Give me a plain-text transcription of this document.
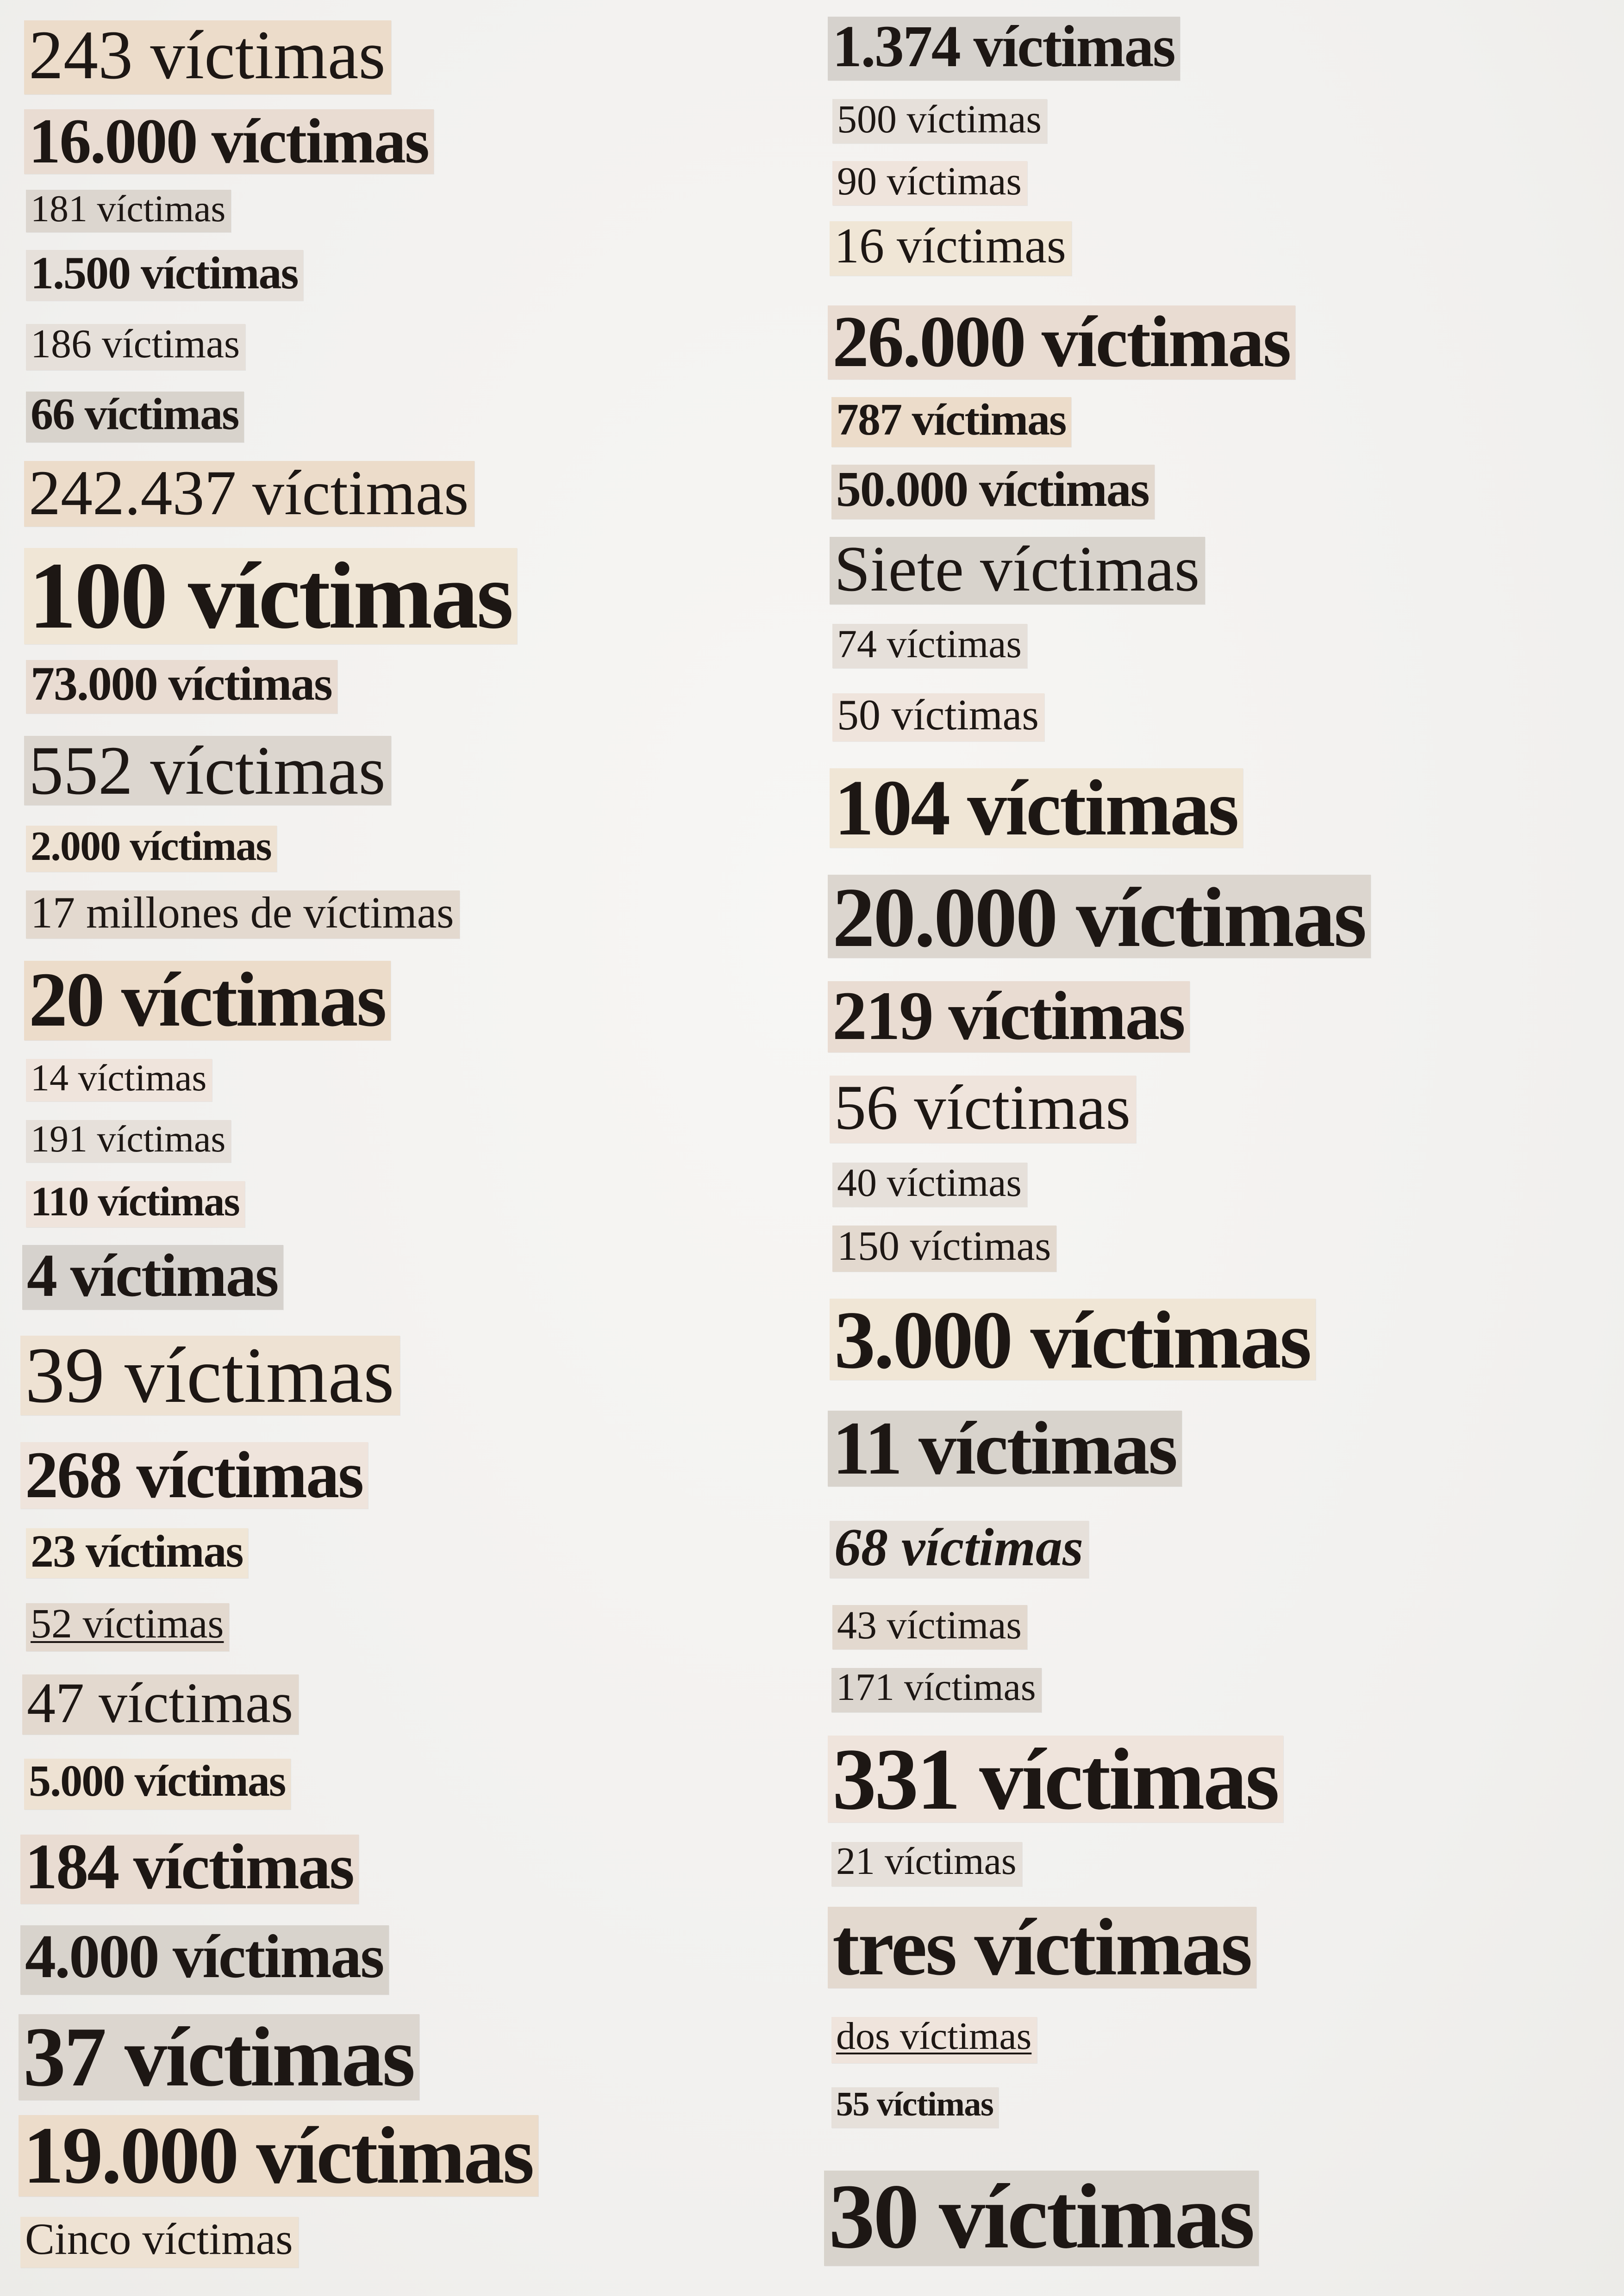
243 víctimas
16.000 víctimas
181 víctimas
1.500 víctimas
186 víctimas
66 víctimas
242.437 víctimas
100 víctimas
73.000 víctimas
552 víctimas
2.000 víctimas
17 millones de víctimas
20 víctimas
14 víctimas
191 víctimas
110 víctimas
4 víctimas
39 víctimas
268 víctimas
23 víctimas
52 víctimas
47 víctimas
5.000 víctimas
184 víctimas
4.000 víctimas
37 víctimas
19.000 víctimas
Cinco víctimas
1.374 víctimas
500 víctimas
90 víctimas
16 víctimas
26.000 víctimas
787 víctimas
50.000 víctimas
Siete víctimas
74 víctimas
50 víctimas
104 víctimas
20.000 víctimas
219 víctimas
56 víctimas
40 víctimas
150 víctimas
3.000 víctimas
11 víctimas
68 víctimas
43 víctimas
171 víctimas
331 víctimas
21 víctimas
tres víctimas
dos víctimas
55 víctimas
30 víctimas
